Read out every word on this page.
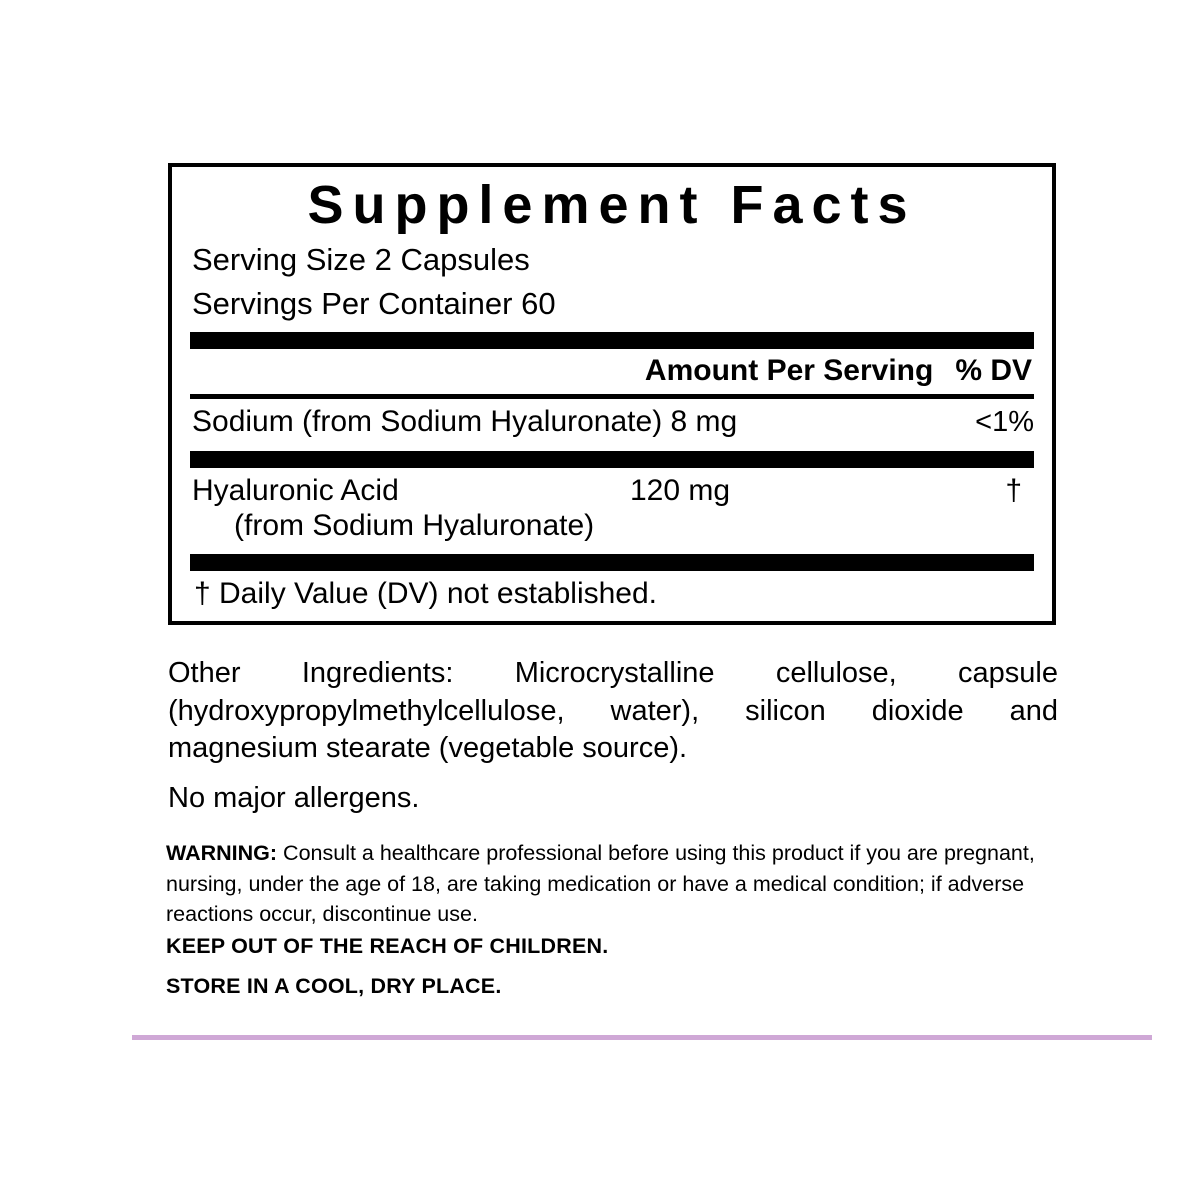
Supplement Facts
Serving Size 2 Capsules
Servings Per Container 60
Amount Per Serving % DV
Sodium (from Sodium Hyaluronate) 8 mg	<1%
Hyaluronic Acid	120 mg	†
(from Sodium Hyaluronate)
† Daily Value (DV) not established.
Other Ingredients: Microcrystalline cellulose, capsule (hydroxypropylmethylcellulose, water), silicon dioxide and magnesium stearate (vegetable source).
No major allergens.
WARNING: Consult a healthcare professional before using this product if you are pregnant, nursing, under the age of 18, are taking medication or have a medical condition; if adverse reactions occur, discontinue use.
KEEP OUT OF THE REACH OF CHILDREN.
STORE IN A COOL, DRY PLACE.
